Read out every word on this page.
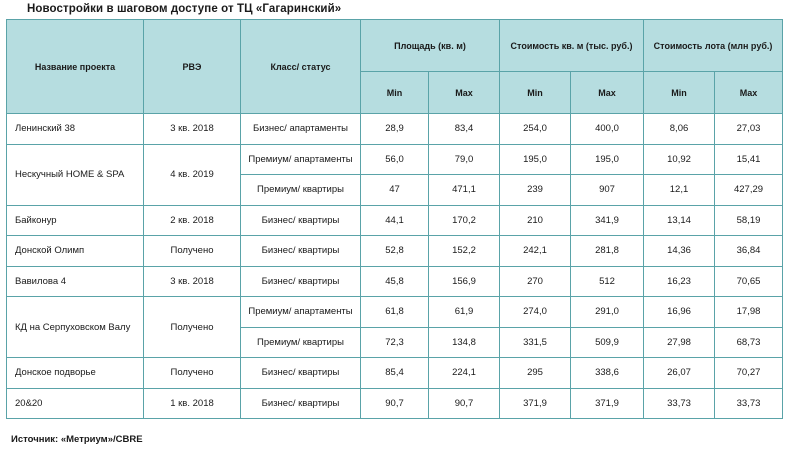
Новостройки в шаговом доступе от ТЦ «Гагаринский»
Название проекта	РВЭ	Класс/ статус	Площадь (кв. м)		Стоимость кв. м (тыс. руб.)		Стоимость лота (млн руб.)	
			Min	Max	Min	Max	Min	Max
Ленинский 38	3 кв. 2018	Бизнес/ апартаменты	28,9	83,4	254,0	400,0	8,06	27,03
Нескучный HOME & SPA	4 кв. 2019	Премиум/ апартаменты	56,0	79,0	195,0	195,0	10,92	15,41
		Премиум/ квартиры	47	471,1	239	907	12,1	427,29
Байконур	2 кв. 2018	Бизнес/ квартиры	44,1	170,2	210	341,9	13,14	58,19
Донской Олимп	Получено	Бизнес/ квартиры	52,8	152,2	242,1	281,8	14,36	36,84
Вавилова 4	3 кв. 2018	Бизнес/ квартиры	45,8	156,9	270	512	16,23	70,65
КД на Серпуховском Валу	Получено	Премиум/ апартаменты	61,8	61,9	274,0	291,0	16,96	17,98
		Премиум/ квартиры	72,3	134,8	331,5	509,9	27,98	68,73
Донское подворье	Получено	Бизнес/ квартиры	85,4	224,1	295	338,6	26,07	70,27
20&20	1 кв. 2018	Бизнес/ квартиры	90,7	90,7	371,9	371,9	33,73	33,73
Источник: «Метриум»/CBRE
